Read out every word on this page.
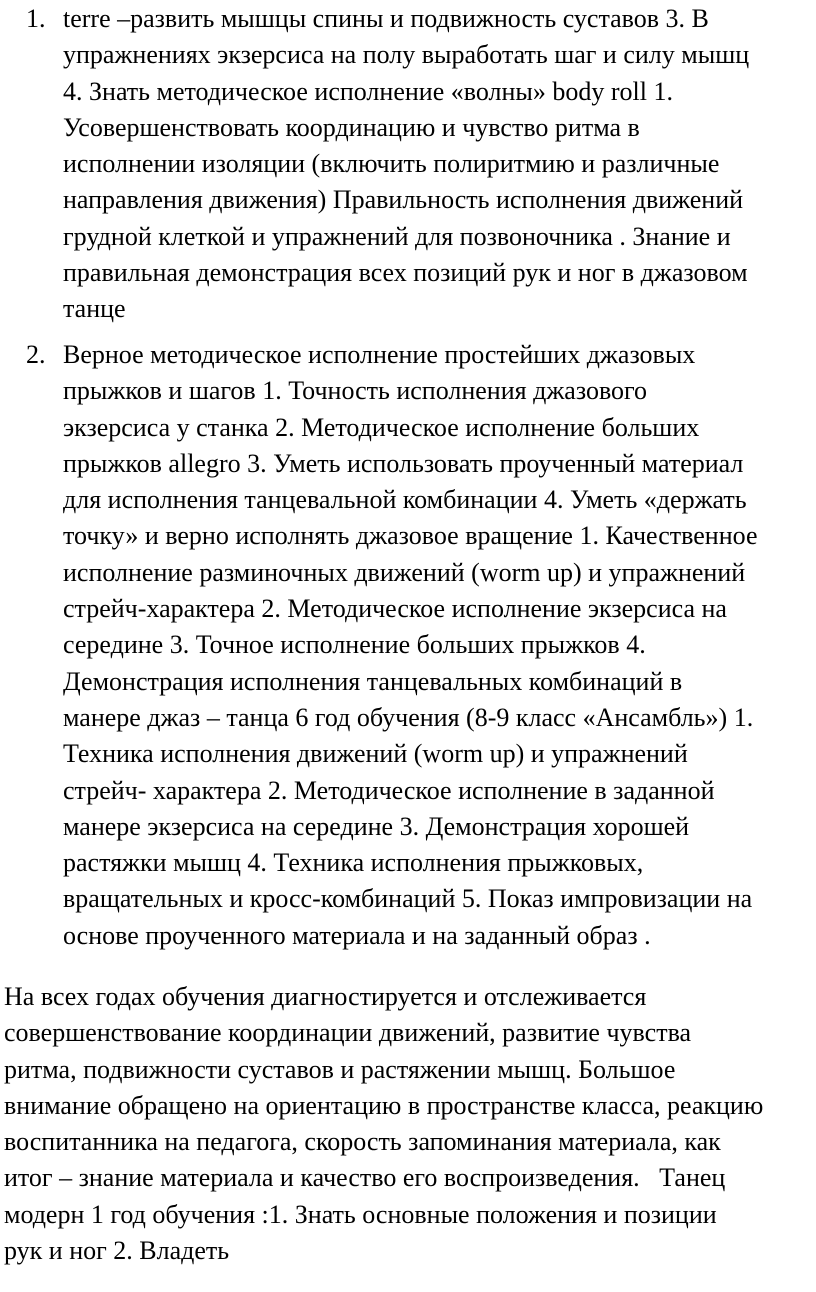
1. terre –развить мышцы спины и подвижность суставов 3. В
упражнениях экзерсиса на полу выработать шаг и силу мышц
4. Знать методическое исполнение «волны» body roll 1.
Усовершенствовать координацию и чувство ритма в
исполнении изоляции (включить полиритмию и различные
направления движения) Правильность исполнения движений
грудной клеткой и упражнений для позвоночника . Знание и
правильная демонстрация всех позиций рук и ног в джазовом
танце
2. Верное методическое исполнение простейших джазовых
прыжков и шагов 1. Точность исполнения джазового
экзерсиса у станка 2. Методическое исполнение больших
прыжков allegro 3. Уметь использовать проученный материал
для исполнения танцевальной комбинации 4. Уметь «держать
точку» и верно исполнять джазовое вращение 1. Качественное
исполнение разминочных движений (worm up) и упражнений
стрейч-характера 2. Методическое исполнение экзерсиса на
середине 3. Точное исполнение больших прыжков 4.
Демонстрация исполнения танцевальных комбинаций в
манере джаз – танца 6 год обучения (8-9 класс «Ансамбль») 1.
Техника исполнения движений (worm up) и упражнений
стрейч- характера 2. Методическое исполнение в заданной
манере экзерсиса на середине 3. Демонстрация хорошей
растяжки мышц 4. Техника исполнения прыжковых,
вращательных и кросс-комбинаций 5. Показ импровизации на
основе проученного материала и на заданный образ .
На всех годах обучения диагностируется и отслеживается
совершенствование координации движений, развитие чувства
ритма, подвижности суставов и растяжении мышц. Большое
внимание обращено на ориентацию в пространстве класса, реакцию
воспитанника на педагога, скорость запоминания материала, как
итог – знание материала и качество его воспроизведения.   Танец
модерн 1 год обучения :1. Знать основные положения и позиции
рук и ног 2. Владеть
